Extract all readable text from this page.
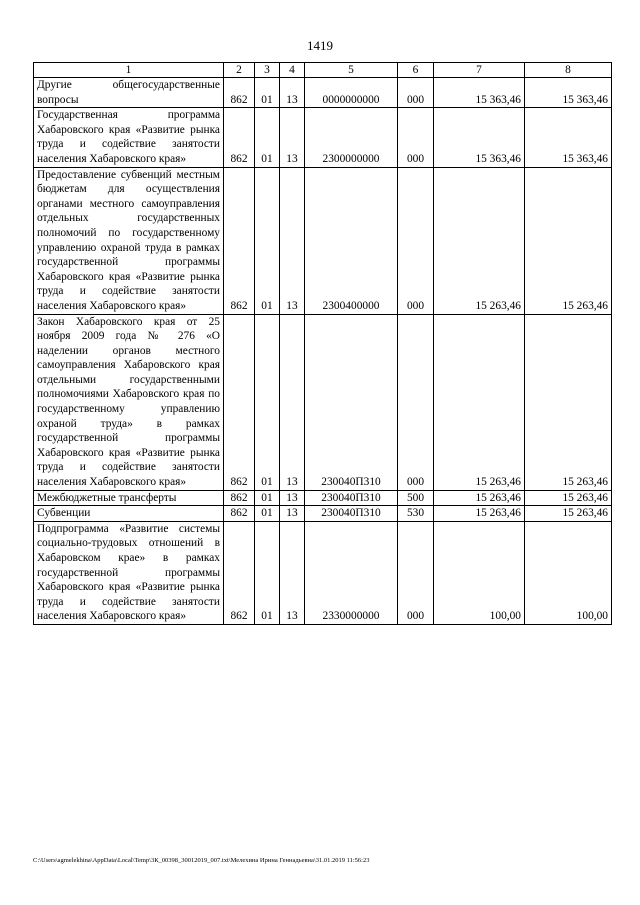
1419
1	2	3	4	5	6	7	8

Другие общегосударственные вопросы	862	01	13	0000000000	000	15 363,46	15 363,46

Государственная программа Хабаровского края «Развитие рынка труда и содействие занятости населения Хабаровского края»	862	01	13	2300000000	000	15 363,46	15 363,46

Предоставление субвенций местным бюджетам для осуществления органами местного самоуправления отдельных государственных полномочий по государственному управлению охраной труда в рамках государственной программы Хабаровского края «Развитие рынка труда и содействие занятости населения Хабаровского края»	862	01	13	2300400000	000	15 263,46	15 263,46

Закон Хабаровского края от 25 ноября 2009 года № 276 «О наделении органов местного самоуправления Хабаровского края отдельными государственными полномочиями Хабаровского края по государственному управлению охраной труда» в рамках государственной программы Хабаровского края «Развитие рынка труда и содействие занятости населения Хабаровского края»	862	01	13	230040П310	000	15 263,46	15 263,46

Межбюджетные трансферты	862	01	13	230040П310	500	15 263,46	15 263,46

Субвенции	862	01	13	230040П310	530	15 263,46	15 263,46

Подпрограмма «Развитие системы социально-трудовых отношений в Хабаровском крае» в рамках государственной программы Хабаровского края «Развитие рынка труда и содействие занятости населения Хабаровского края»	862	01	13	2330000000	000	100,00	100,00
C:\Users\agmelekhina\AppData\Local\Temp\3К_00398_30012019_007.txt\Мелехина Ирина Геннадьевна\31.01.2019 11:56:23
